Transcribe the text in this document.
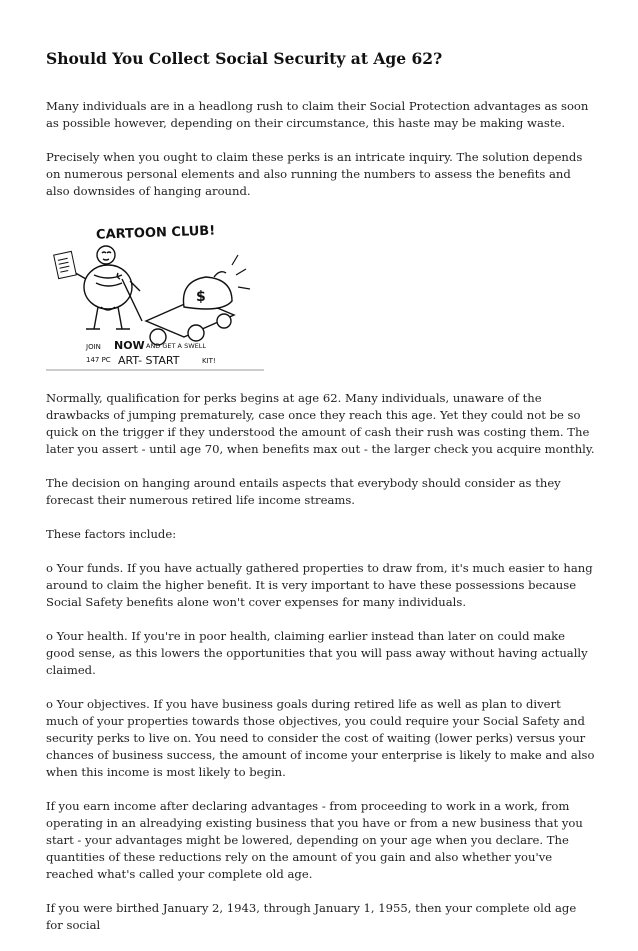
Should You Collect Social Security at Age 62?

Many individuals are in a headlong rush to claim their Social Protection advantages as soon as possible however, depending on their circumstance, this haste may be making waste.

Precisely when you ought to claim these perks is an intricate inquiry. The solution depends on numerous personal elements and also running the numbers to assess the benefits and also downsides of hanging around.

CARTOON CLUB!
$
JOIN NOW AND GET A SWELL
147 PC ART- START	KIT!

Normally, qualification for perks begins at age 62. Many individuals, unaware of the drawbacks of jumping prematurely, case once they reach this age. Yet they could not be so quick on the trigger if they understood the amount of cash their rush was costing them. The later you assert - until age 70, when benefits max out - the larger check you acquire monthly.

The decision on hanging around entails aspects that everybody should consider as they forecast their numerous retired life income streams.

These factors include:

o Your funds. If you have actually gathered properties to draw from, it's much easier to hang around to claim the higher benefit. It is very important to have these possessions because Social Safety benefits alone won't cover expenses for many individuals.

o Your health. If you're in poor health, claiming earlier instead than later on could make good sense, as this lowers the opportunities that you will pass away without having actually claimed.

o Your objectives. If you have business goals during retired life as well as plan to divert much of your properties towards those objectives, you could require your Social Safety and security perks to live on. You need to consider the cost of waiting (lower perks) versus your chances of business success, the amount of income your enterprise is likely to make and also when this income is most likely to begin.

If you earn income after declaring advantages - from proceeding to work in a work, from operating in an alreadying existing business that you have or from a new business that you start - your advantages might be lowered, depending on your age when you declare. The quantities of these reductions rely on the amount of you gain and also whether you've reached what's called your complete old age.

If you were birthed January 2, 1943, through January 1, 1955, then your complete old age for social
